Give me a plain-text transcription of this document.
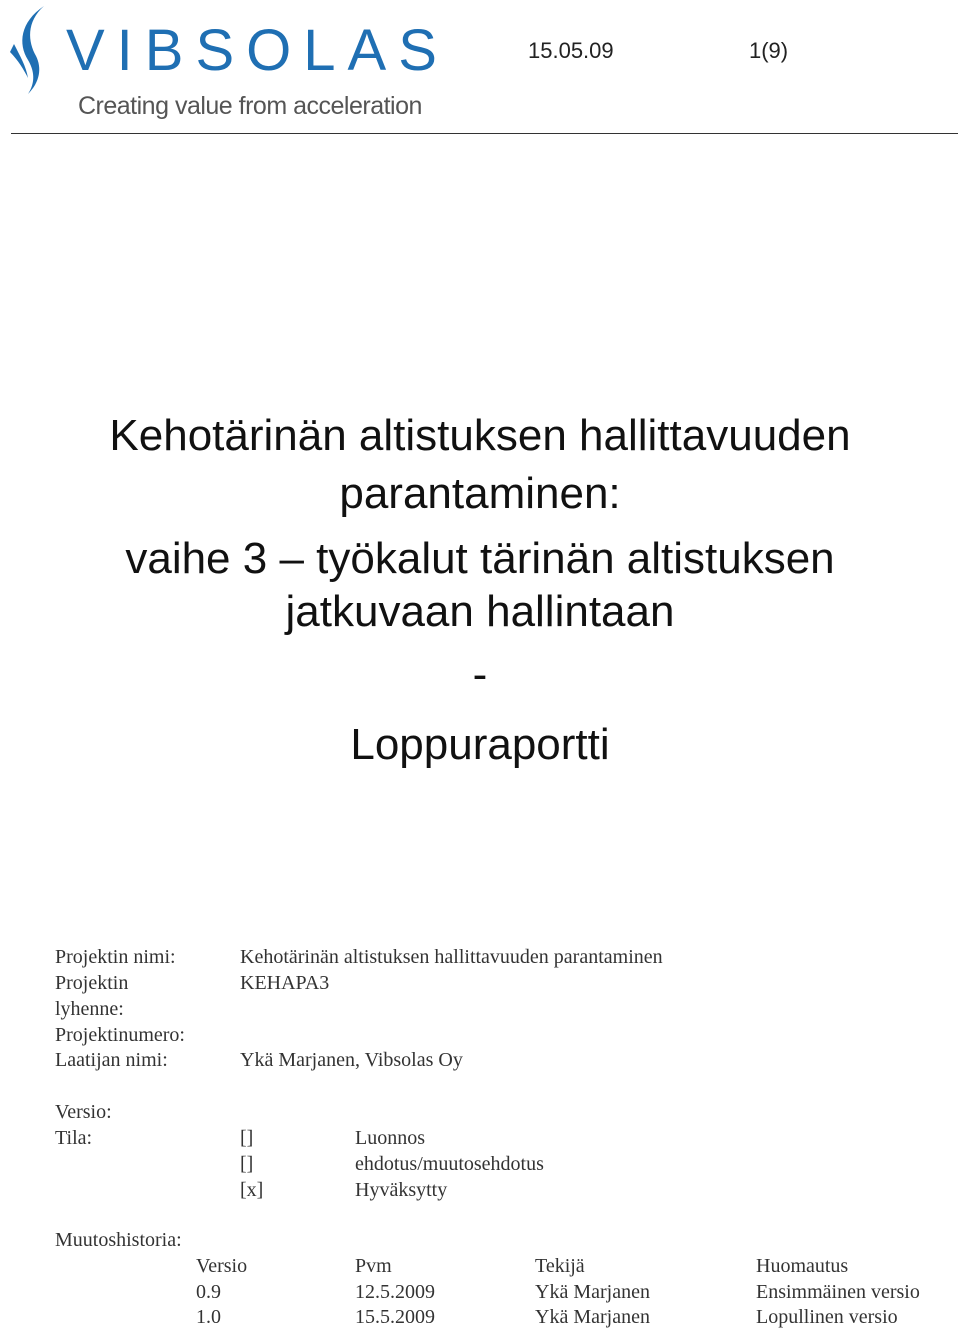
VIBSOLAS
Creating value from acceleration
15.05.09	1(9)
Kehotärinän altistuksen hallittavuuden
parantaminen:
vaihe 3 – työkalut tärinän altistuksen
jatkuvaan hallintaan
-
Loppuraportti
Projektin nimi:	Kehotärinän altistuksen hallittavuuden parantaminen
Projektin	KEHAPA3
lyhenne:
Projektinumero:
Laatijan nimi:	Ykä Marjanen, Vibsolas Oy
Versio:
Tila:	[]	Luonnos
[]	ehdotus/muutosehdotus
[x]	Hyväksytty
Muutoshistoria:
Versio	Pvm	Tekijä	Huomautus
0.9	12.5.2009	Ykä Marjanen	Ensimmäinen versio
1.0	15.5.2009	Ykä Marjanen	Lopullinen versio
